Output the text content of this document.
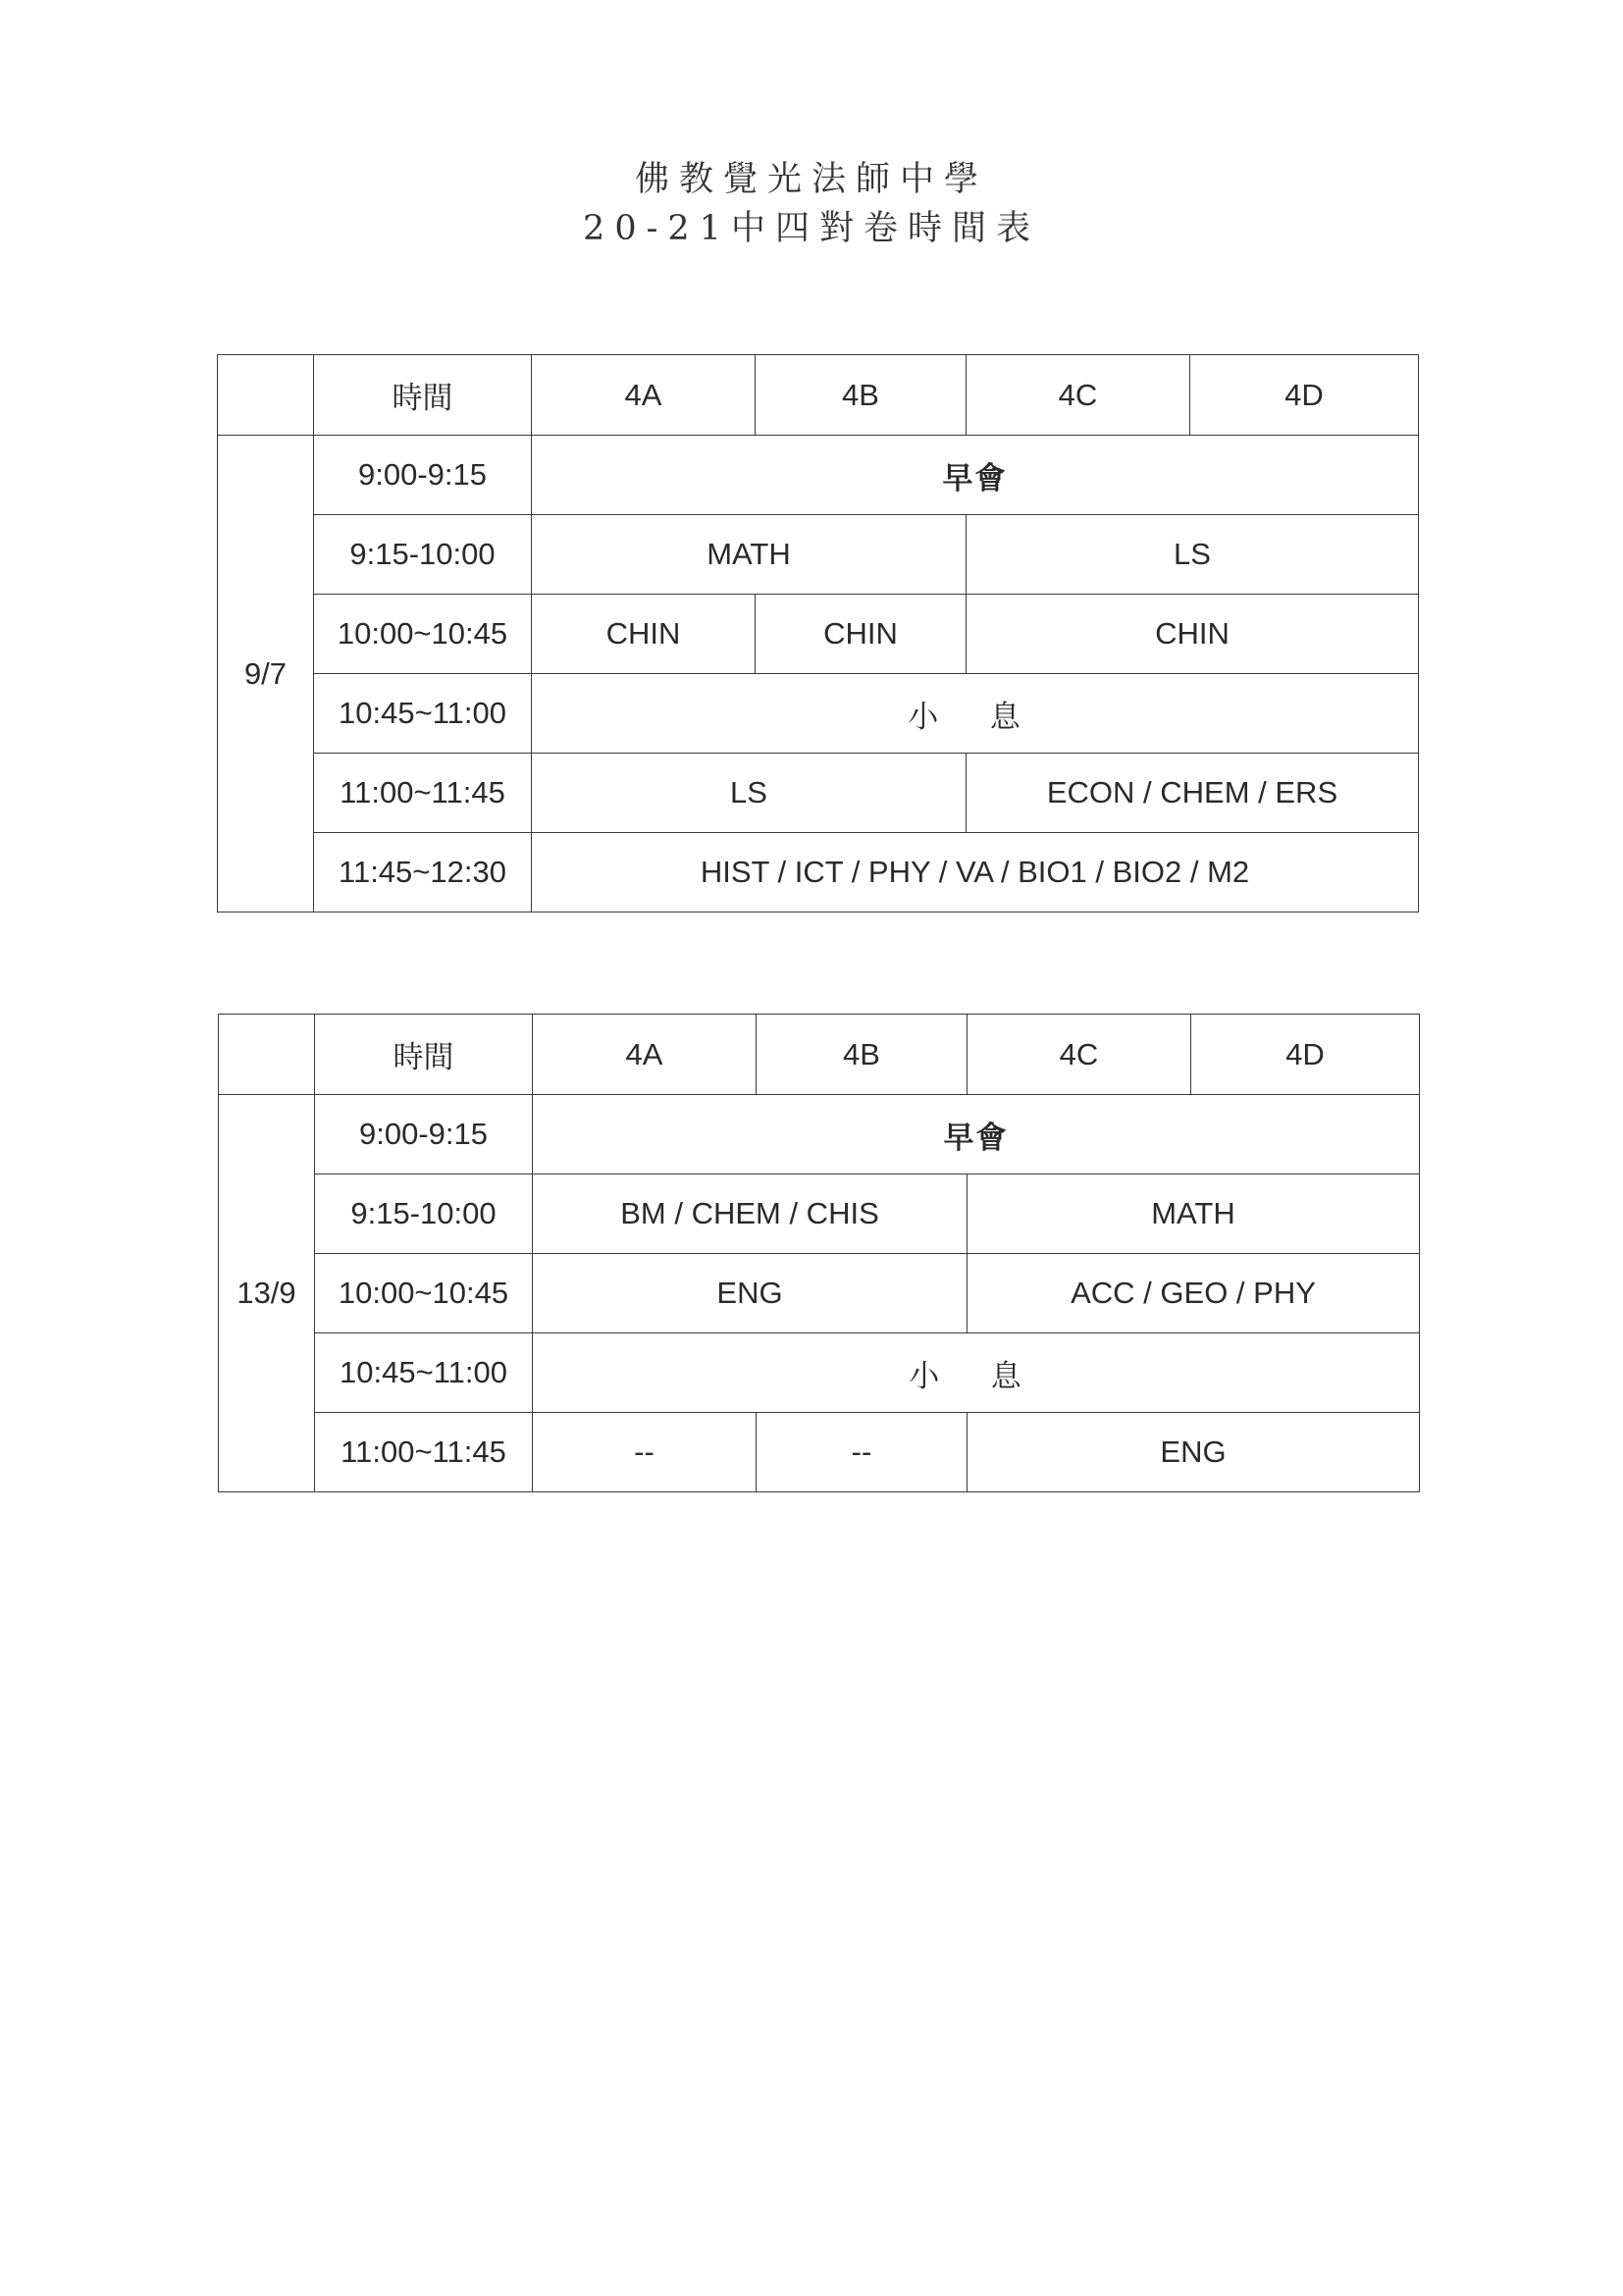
佛教覺光法師中學
20-21中四對卷時間表
	時間	4A	4B	4C	4D
9/7	9:00-9:15	早會			
	9:15-10:00	MATH		LS	
	10:00~10:45	CHIN	CHIN	CHIN	
	10:45~11:00	小 息			
	11:00~11:45	LS		ECON / CHEM / ERS	
	11:45~12:30	HIST / ICT / PHY / VA / BIO1 / BIO2 / M2			
	時間	4A	4B	4C	4D
13/9	9:00-9:15	早會			
	9:15-10:00	BM / CHEM / CHIS		MATH	
	10:00~10:45	ENG		ACC / GEO / PHY	
	10:45~11:00	小 息			
	11:00~11:45	--	--	ENG	
